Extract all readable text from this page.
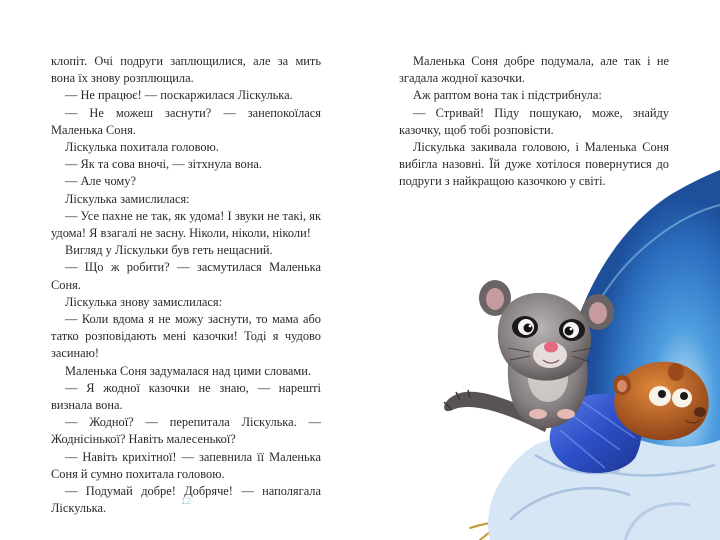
клопіт. Очі подруги заплющилися, але за мить вона їх знову розплющила.

— Не працює! — поскаржилася Ліскулька.

— Не можеш заснути? — занепокоїлася Маленька Соня.

Ліскулька похитала головою.

— Як та сова вночі, — зітхнула вона.

— Але чому?

Ліскулька замислилася:

— Усе пахне не так, як удома! І звуки не такі, як удома! Я взагалі не засну. Ніколи, ніколи, ніколи!

Вигляд у Ліскульки був геть нещасний.

— Що ж робити? — засмутилася Маленька Соня.

Ліскулька знову замислилася:

— Коли вдома я не можу заснути, то мама або татко розповідають мені казочки! Тоді я чудово засинаю!

Маленька Соня задумалася над цими словами.

— Я жодної казочки не знаю, — нарешті визнала вона.

— Жодної? — перепитала Ліскулька. — Жоднісінької? Навіть малесенької?

— Навіть крихітної! — запевнила її Маленька Соня й сумно похитала головою.

— Подумай добре! Добряче! — наполягала Ліскулька.

12

Маленька Соня добре подумала, але так і не згадала жодної казочки.

Аж раптом вона так і підстрибнула:

— Стривай! Піду пошукаю, може, знайду казочку, щоб тобі розповісти.

Ліскулька закивала головою, і Маленька Соня вибігла назовні. Їй дуже хотілося повернутися до подруги з найкращою казочкою у світі.
